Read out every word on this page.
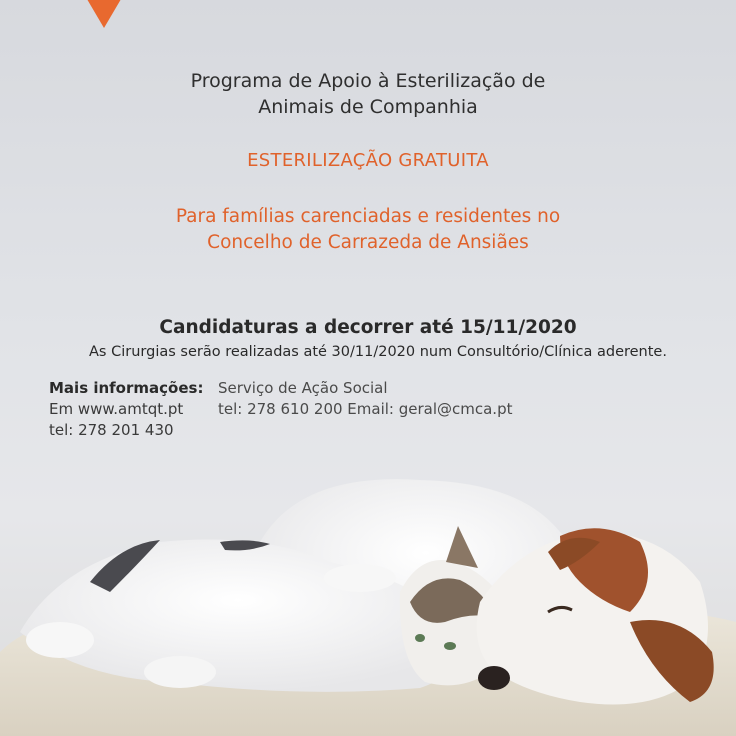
Programa de Apoio à Esterilização de
Animais de Companhia
ESTERILIZAÇÃO GRATUITA
Para famílias carenciadas e residentes no
Concelho de Carrazeda de Ansiães
Candidaturas a decorrer até 15/11/2020
As Cirurgias serão realizadas até 30/11/2020 num Consultório/Clínica aderente.
Mais informações:
Em www.amtqt.pt
tel: 278 201 430
Serviço de Ação Social
tel: 278 610 200 Email: geral@cmca.pt
